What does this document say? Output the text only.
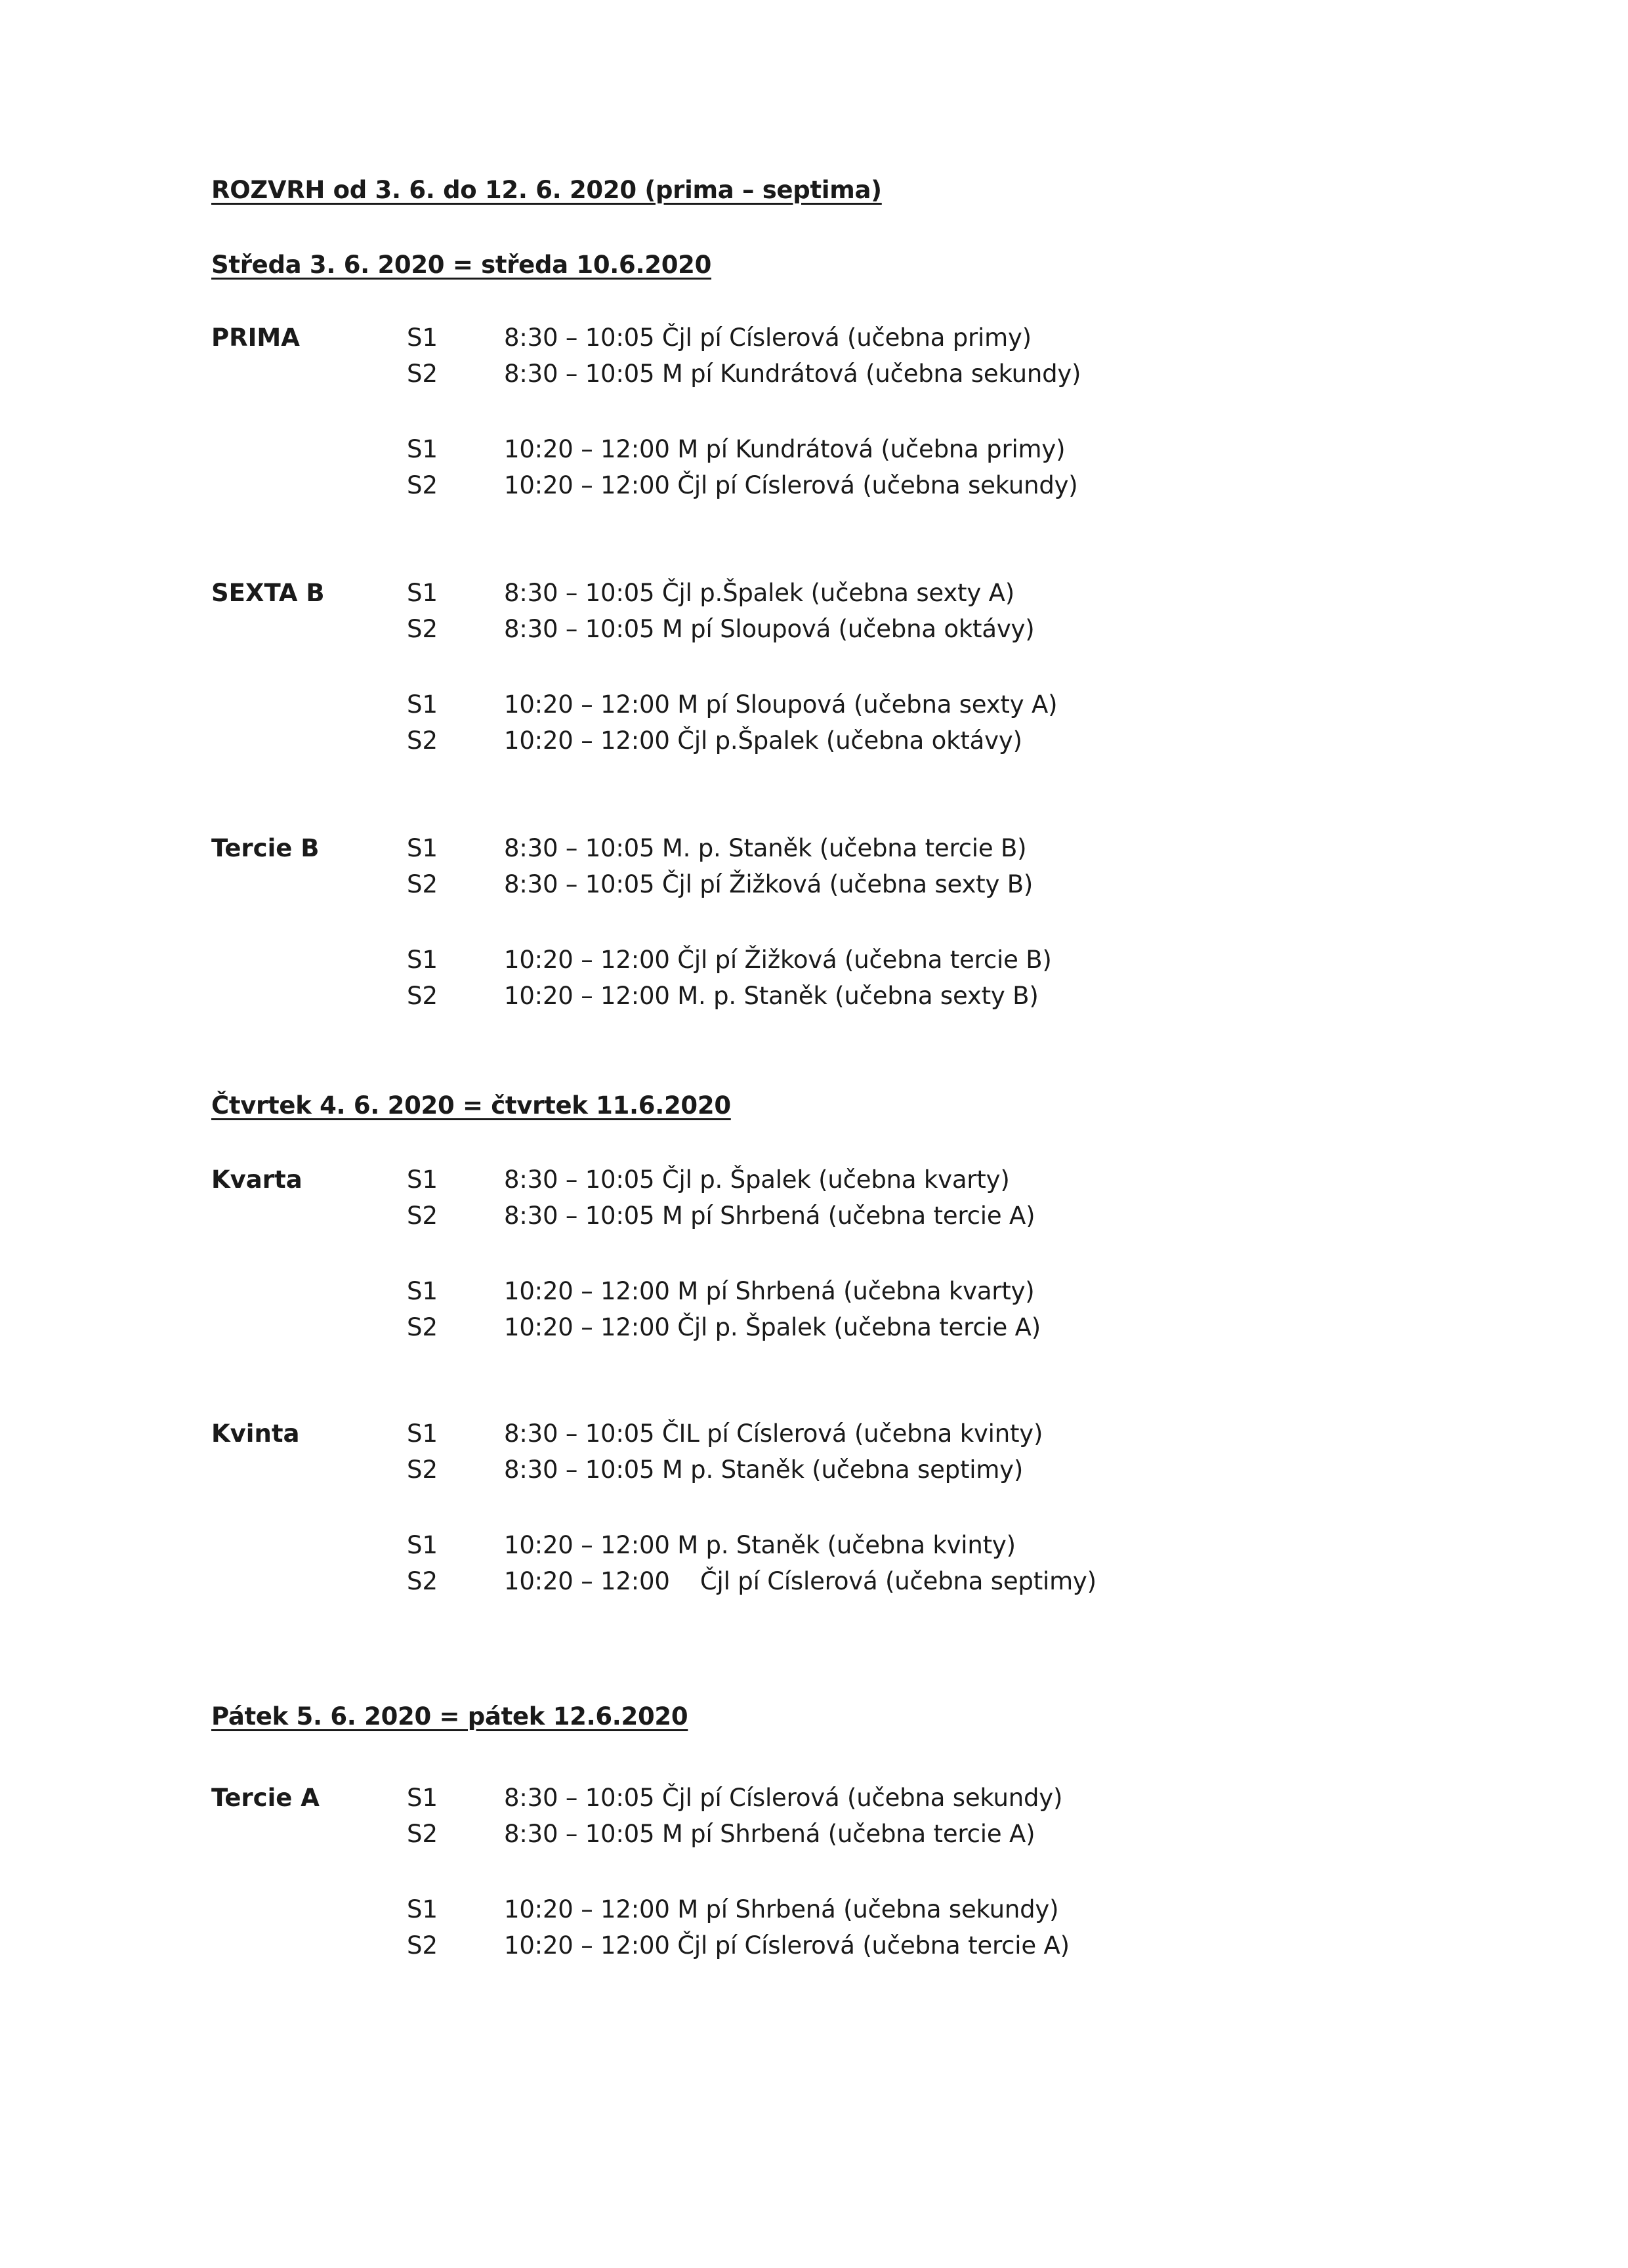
ROZVRH od 3. 6. do 12. 6. 2020 (prima – septima)
Středa 3. 6. 2020 = středa 10.6.2020
PRIMA	S1	8:30 – 10:05 Čjl pí Císlerová (učebna primy)
S2	8:30 – 10:05 M pí Kundrátová (učebna sekundy)
S1	10:20 – 12:00 M pí Kundrátová (učebna primy)
S2	10:20 – 12:00 Čjl pí Císlerová (učebna sekundy)
SEXTA B	S1	8:30 – 10:05 Čjl p.Špalek (učebna sexty A)
S2	8:30 – 10:05 M pí Sloupová (učebna oktávy)
S1	10:20 – 12:00 M pí Sloupová (učebna sexty A)
S2	10:20 – 12:00 Čjl p.Špalek (učebna oktávy)
Tercie B	S1	8:30 – 10:05 M. p. Staněk (učebna tercie B)
S2	8:30 – 10:05 Čjl pí Žižková (učebna sexty B)
S1	10:20 – 12:00 Čjl pí Žižková (učebna tercie B)
S2	10:20 – 12:00 M. p. Staněk (učebna sexty B)
Čtvrtek 4. 6. 2020 = čtvrtek 11.6.2020
Kvarta	S1	8:30 – 10:05 Čjl p. Špalek (učebna kvarty)
S2	8:30 – 10:05 M pí Shrbená (učebna tercie A)
S1	10:20 – 12:00 M pí Shrbená (učebna kvarty)
S2	10:20 – 12:00 Čjl p. Špalek (učebna tercie A)
Kvinta	S1	8:30 – 10:05 ČIL pí Císlerová (učebna kvinty)
S2	8:30 – 10:05 M p. Staněk (učebna septimy)
S1	10:20 – 12:00 M p. Staněk (učebna kvinty)
S2	10:20 – 12:00    Čjl pí Císlerová (učebna septimy)
Pátek 5. 6. 2020 = pátek 12.6.2020
Tercie A	S1	8:30 – 10:05 Čjl pí Císlerová (učebna sekundy)
S2	8:30 – 10:05 M pí Shrbená (učebna tercie A)
S1	10:20 – 12:00 M pí Shrbená (učebna sekundy)
S2	10:20 – 12:00 Čjl pí Císlerová (učebna tercie A)
